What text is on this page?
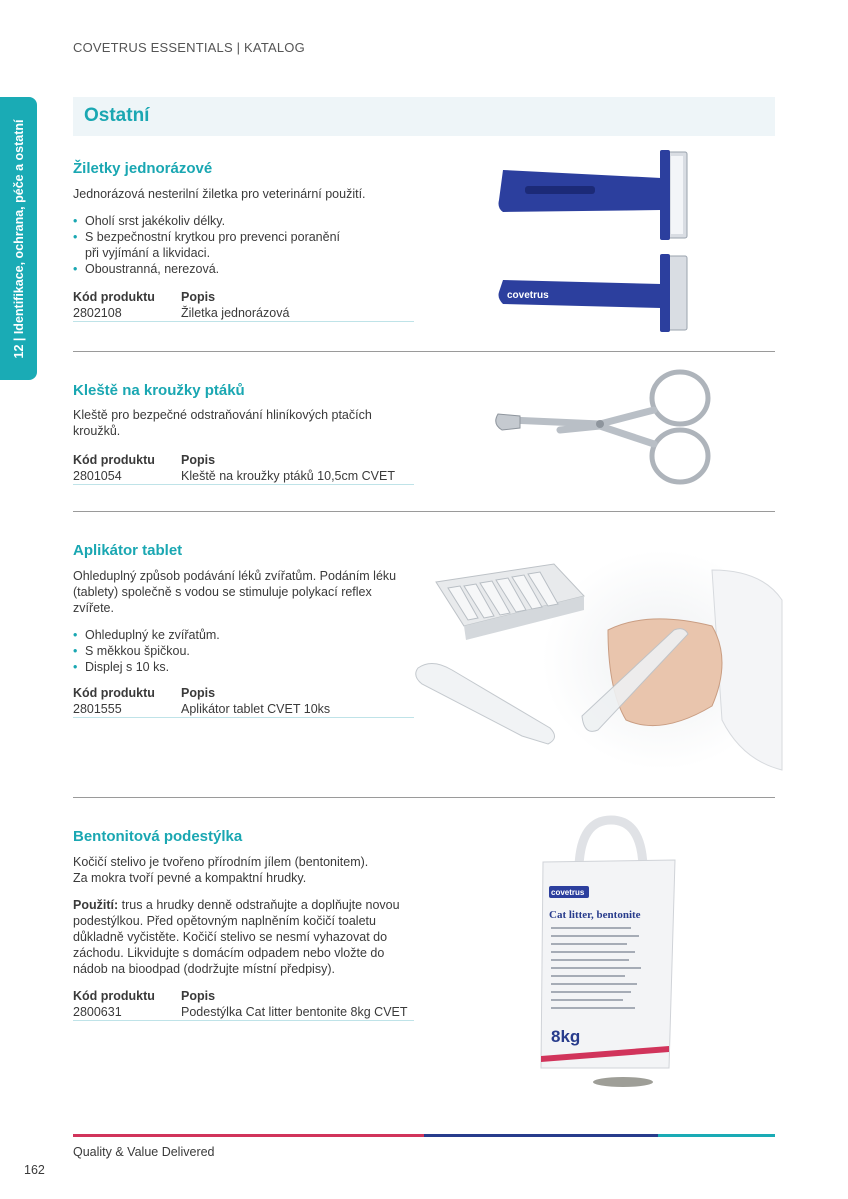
COVETRUS ESSENTIALS | KATALOG
12 | Identifikace, ochrana, péče a ostatní
Ostatní
Žiletky jednorázové
Jednorázová nesterilní žiletka pro veterinární použití.
• Oholí srst jakékoliv délky.
• S bezpečnostní krytkou pro prevenci poranění
při vyjímání a likvidaci.
• Oboustranná, nerezová.
Kód produktu	Popis
2802108	Žiletka jednorázová
covetrus
Kleště na kroužky ptáků
Kleště pro bezpečné odstraňování hliníkových ptačích
kroužků.
Kód produktu	Popis
2801054	Kleště na kroužky ptáků 10,5cm CVET
Aplikátor tablet
Ohleduplný způsob podávání léků zvířatům. Podáním léku
(tablety) společně s vodou se stimuluje polykací reflex
zvířete.
• Ohleduplný ke zvířatům.
• S měkkou špičkou.
• Displej s 10 ks.
Kód produktu	Popis
2801555	Aplikátor tablet CVET 10ks
Bentonitová podestýlka
Kočičí stelivo je tvořeno přírodním jílem (bentonitem).
Za mokra tvoří pevné a kompaktní hrudky.
Použití: trus a hrudky denně odstraňujte a doplňujte novou
podestýlkou. Před opětovným naplněním kočičí toaletu
důkladně vyčistěte. Kočičí stelivo se nesmí vyhazovat do
záchodu. Likvidujte s domácím odpadem nebo vložte do
nádob na bioodpad (dodržujte místní předpisy).
Kód produktu	Popis
2800631	Podestýlka Cat litter bentonite 8kg CVET
covetrus
Cat litter, bentonite
8kg
Quality & Value Delivered
162
